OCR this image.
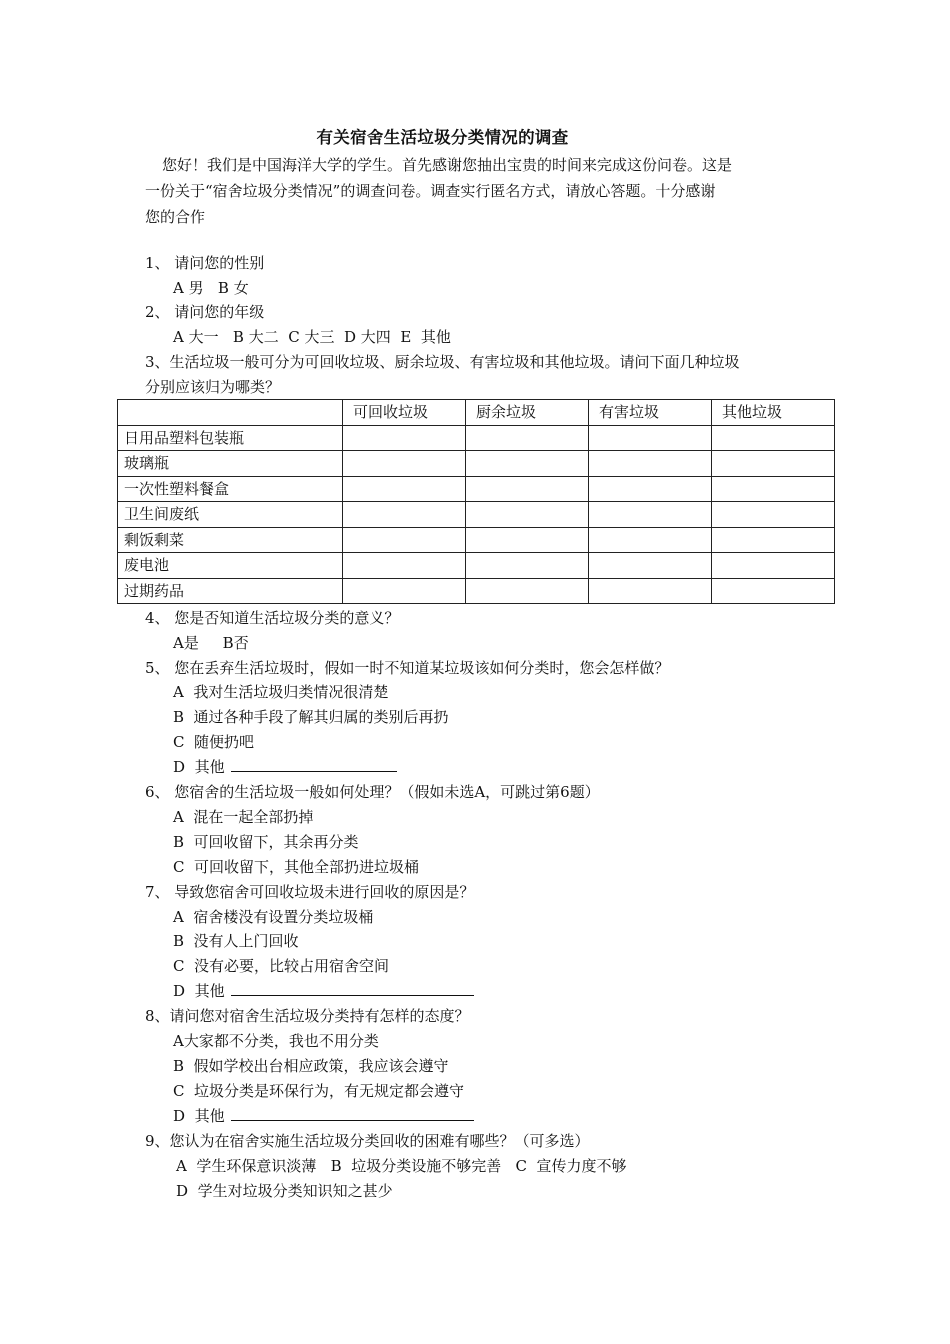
有关宿舍生活垃圾分类情况的调查
您好！我们是中国海洋大学的学生。首先感谢您抽出宝贵的时间来完成这份问卷。这是
一份关于“宿舍垃圾分类情况”的调查问卷。调查实行匿名方式，请放心答题。十分感谢
您的合作
1、 请问您的性别
A 男   B 女
2、 请问您的年级
A 大一   B 大二  C 大三  D 大四  E  其他
3、生活垃圾一般可分为可回收垃圾、厨余垃圾、有害垃圾和其他垃圾。请问下面几种垃圾
分别应该归为哪类？
	可回收垃圾	厨余垃圾	有害垃圾	其他垃圾
日用品塑料包装瓶				
玻璃瓶				
一次性塑料餐盒				
卫生间废纸				
剩饭剩菜				
废电池				
过期药品				
4、 您是否知道生活垃圾分类的意义？
A是     B否
5、 您在丢弃生活垃圾时，假如一时不知道某垃圾该如何分类时，您会怎样做？
A  我对生活垃圾归类情况很清楚
B  通过各种手段了解其归属的类别后再扔
C  随便扔吧
D  其他
6、 您宿舍的生活垃圾一般如何处理？（假如未选A，可跳过第6题）
A  混在一起全部扔掉
B  可回收留下，其余再分类
C  可回收留下，其他全部扔进垃圾桶
7、 导致您宿舍可回收垃圾未进行回收的原因是？
A  宿舍楼没有设置分类垃圾桶
B  没有人上门回收
C  没有必要，比较占用宿舍空间
D  其他
8、请问您对宿舍生活垃圾分类持有怎样的态度？
A大家都不分类，我也不用分类
B  假如学校出台相应政策，我应该会遵守
C  垃圾分类是环保行为，有无规定都会遵守
D  其他
9、您认为在宿舍实施生活垃圾分类回收的困难有哪些？（可多选）
A  学生环保意识淡薄   B  垃圾分类设施不够完善   C  宣传力度不够
D  学生对垃圾分类知识知之甚少
